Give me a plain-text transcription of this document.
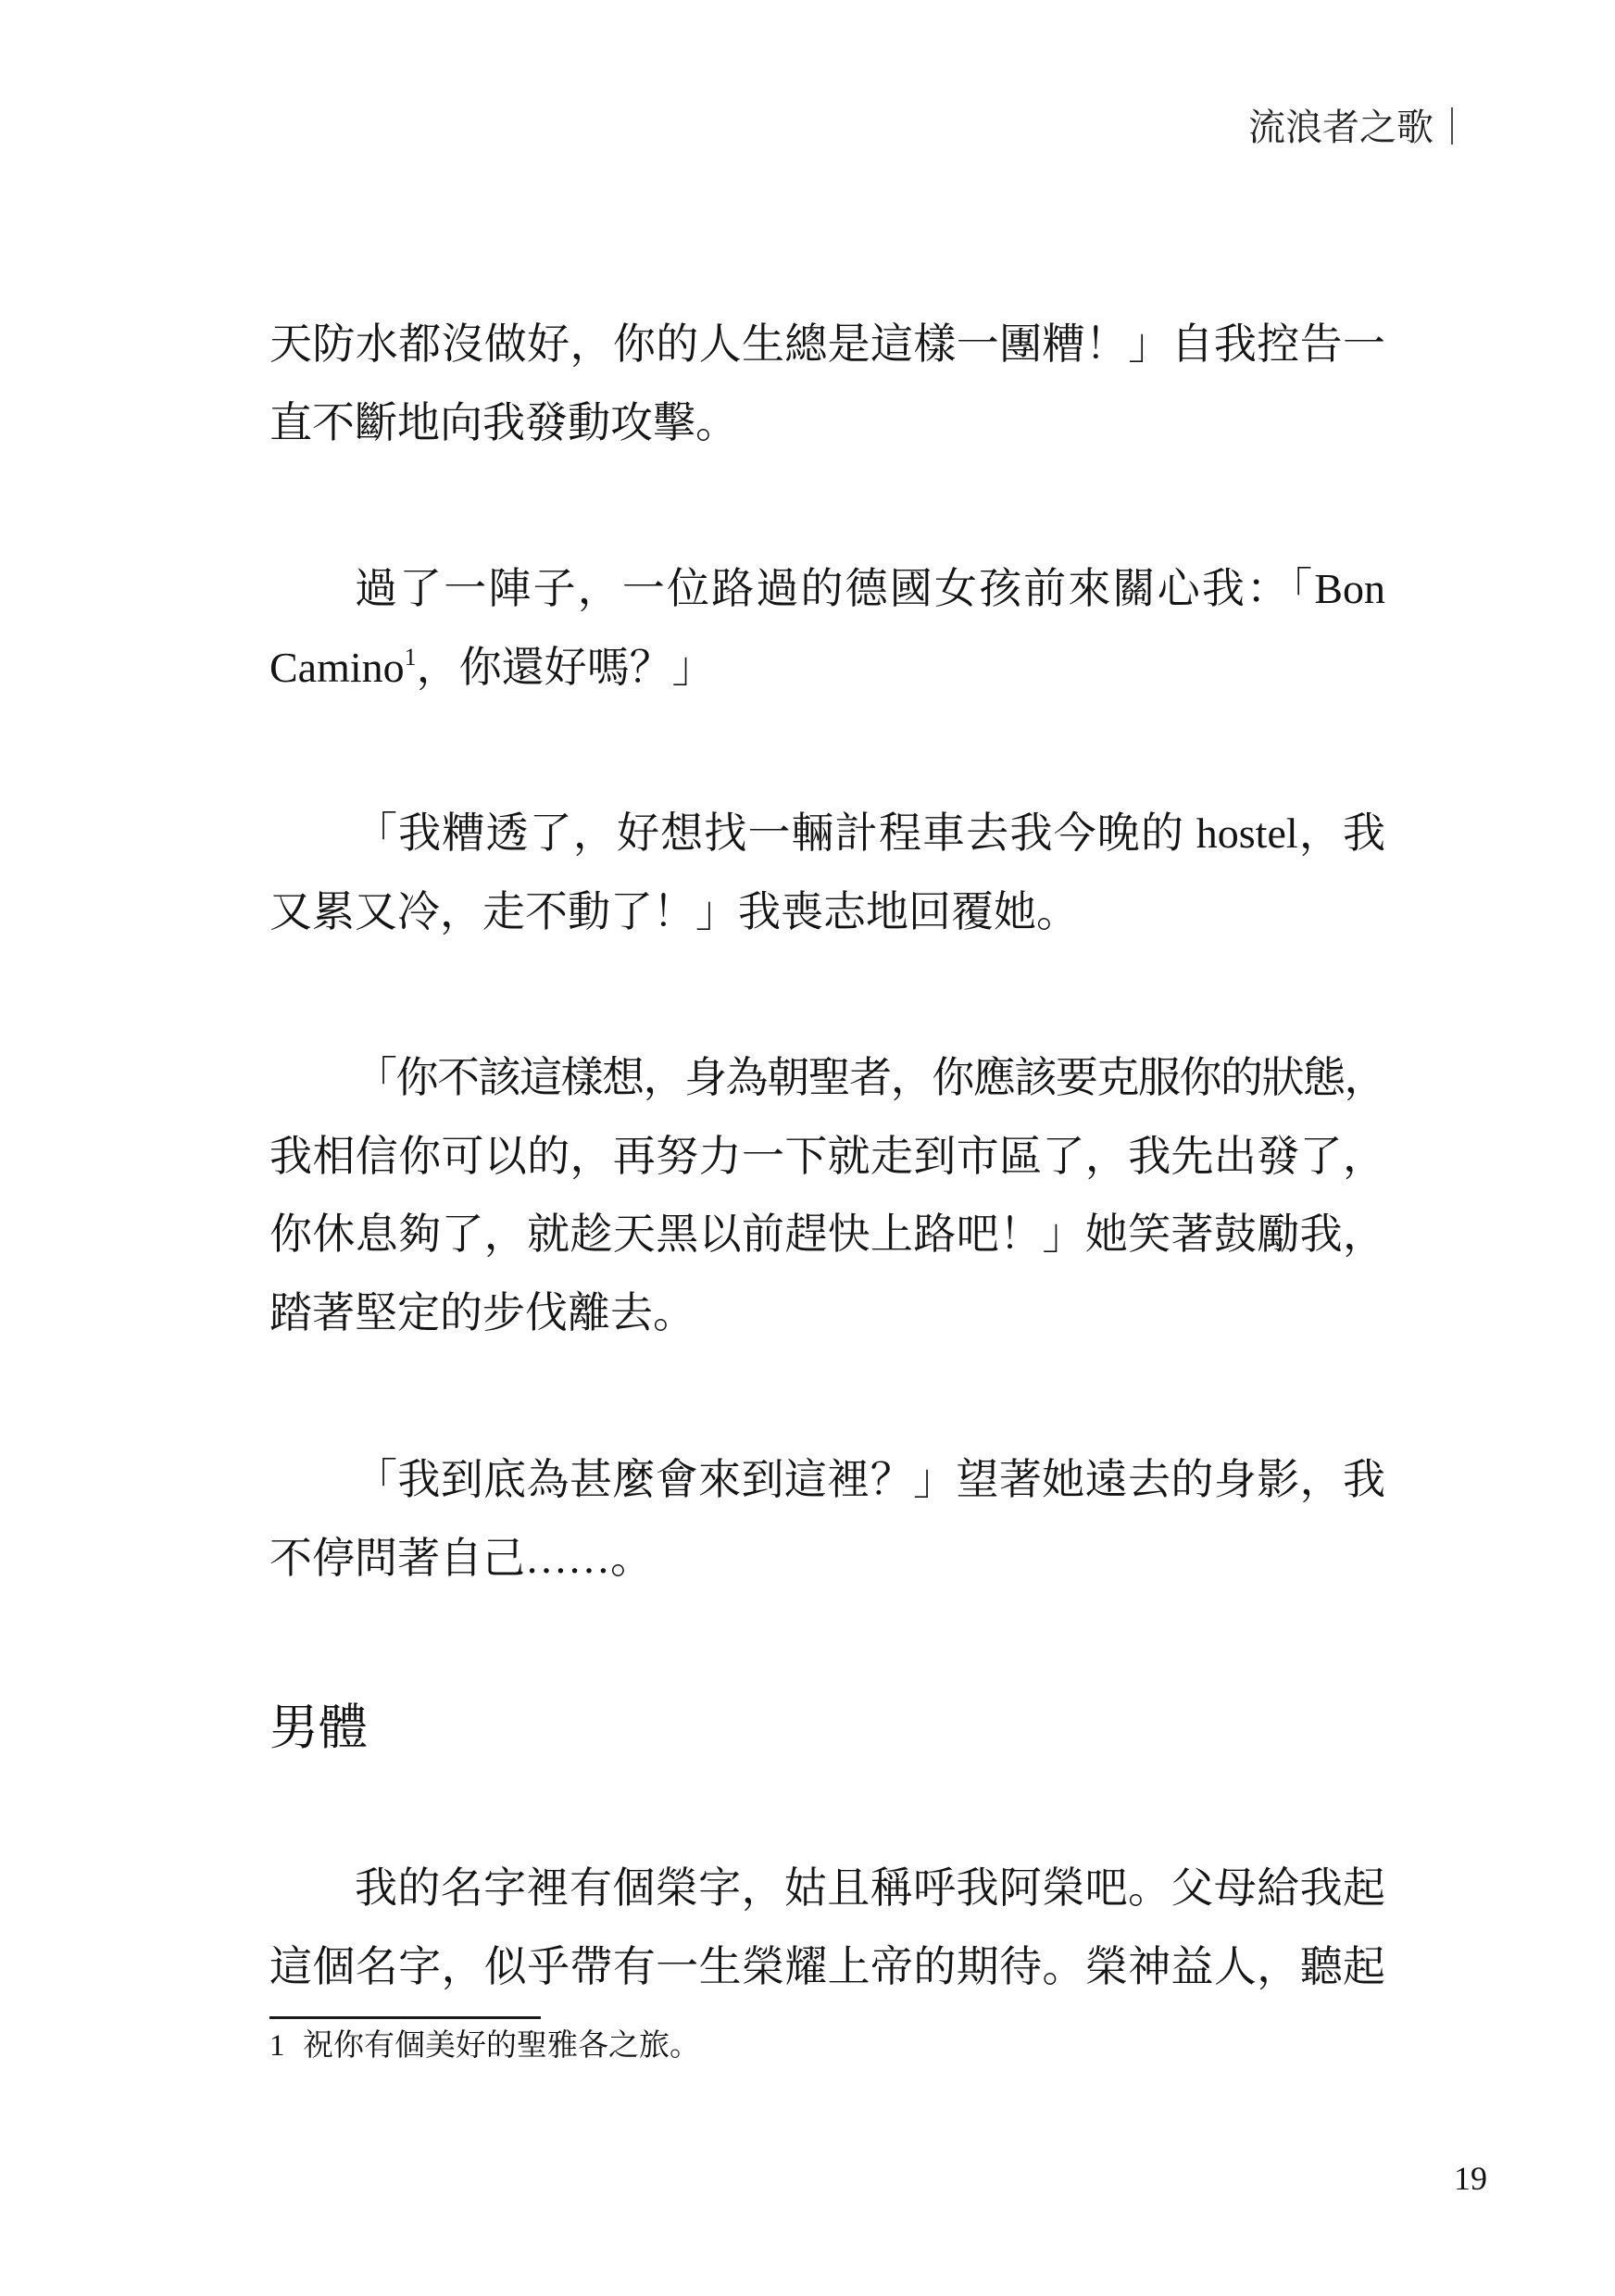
流浪者之歌｜
天防水都沒做好，你的人生總是這樣一團糟！」自我控告一
直不斷地向我發動攻擊。
過了一陣子，一位路過的德國女孩前來關心我：「Bon
Camino$^1$，你還好嗎？」
「我糟透了，好想找一輛計程車去我今晚的 hostel，我
又累又冷，走不動了！」我喪志地回覆她。
「你不該這樣想，身為朝聖者，你應該要克服你的狀態，
我相信你可以的，再努力一下就走到市區了，我先出發了，
你休息夠了，就趁天黑以前趕快上路吧！」她笑著鼓勵我，
踏著堅定的步伐離去。
「我到底為甚麼會來到這裡？」望著她遠去的身影，我
不停問著自己……。
男體
我的名字裡有個榮字，姑且稱呼我阿榮吧。父母給我起
這個名字，似乎帶有一生榮耀上帝的期待。榮神益人，聽起
1 祝你有個美好的聖雅各之旅。
19
